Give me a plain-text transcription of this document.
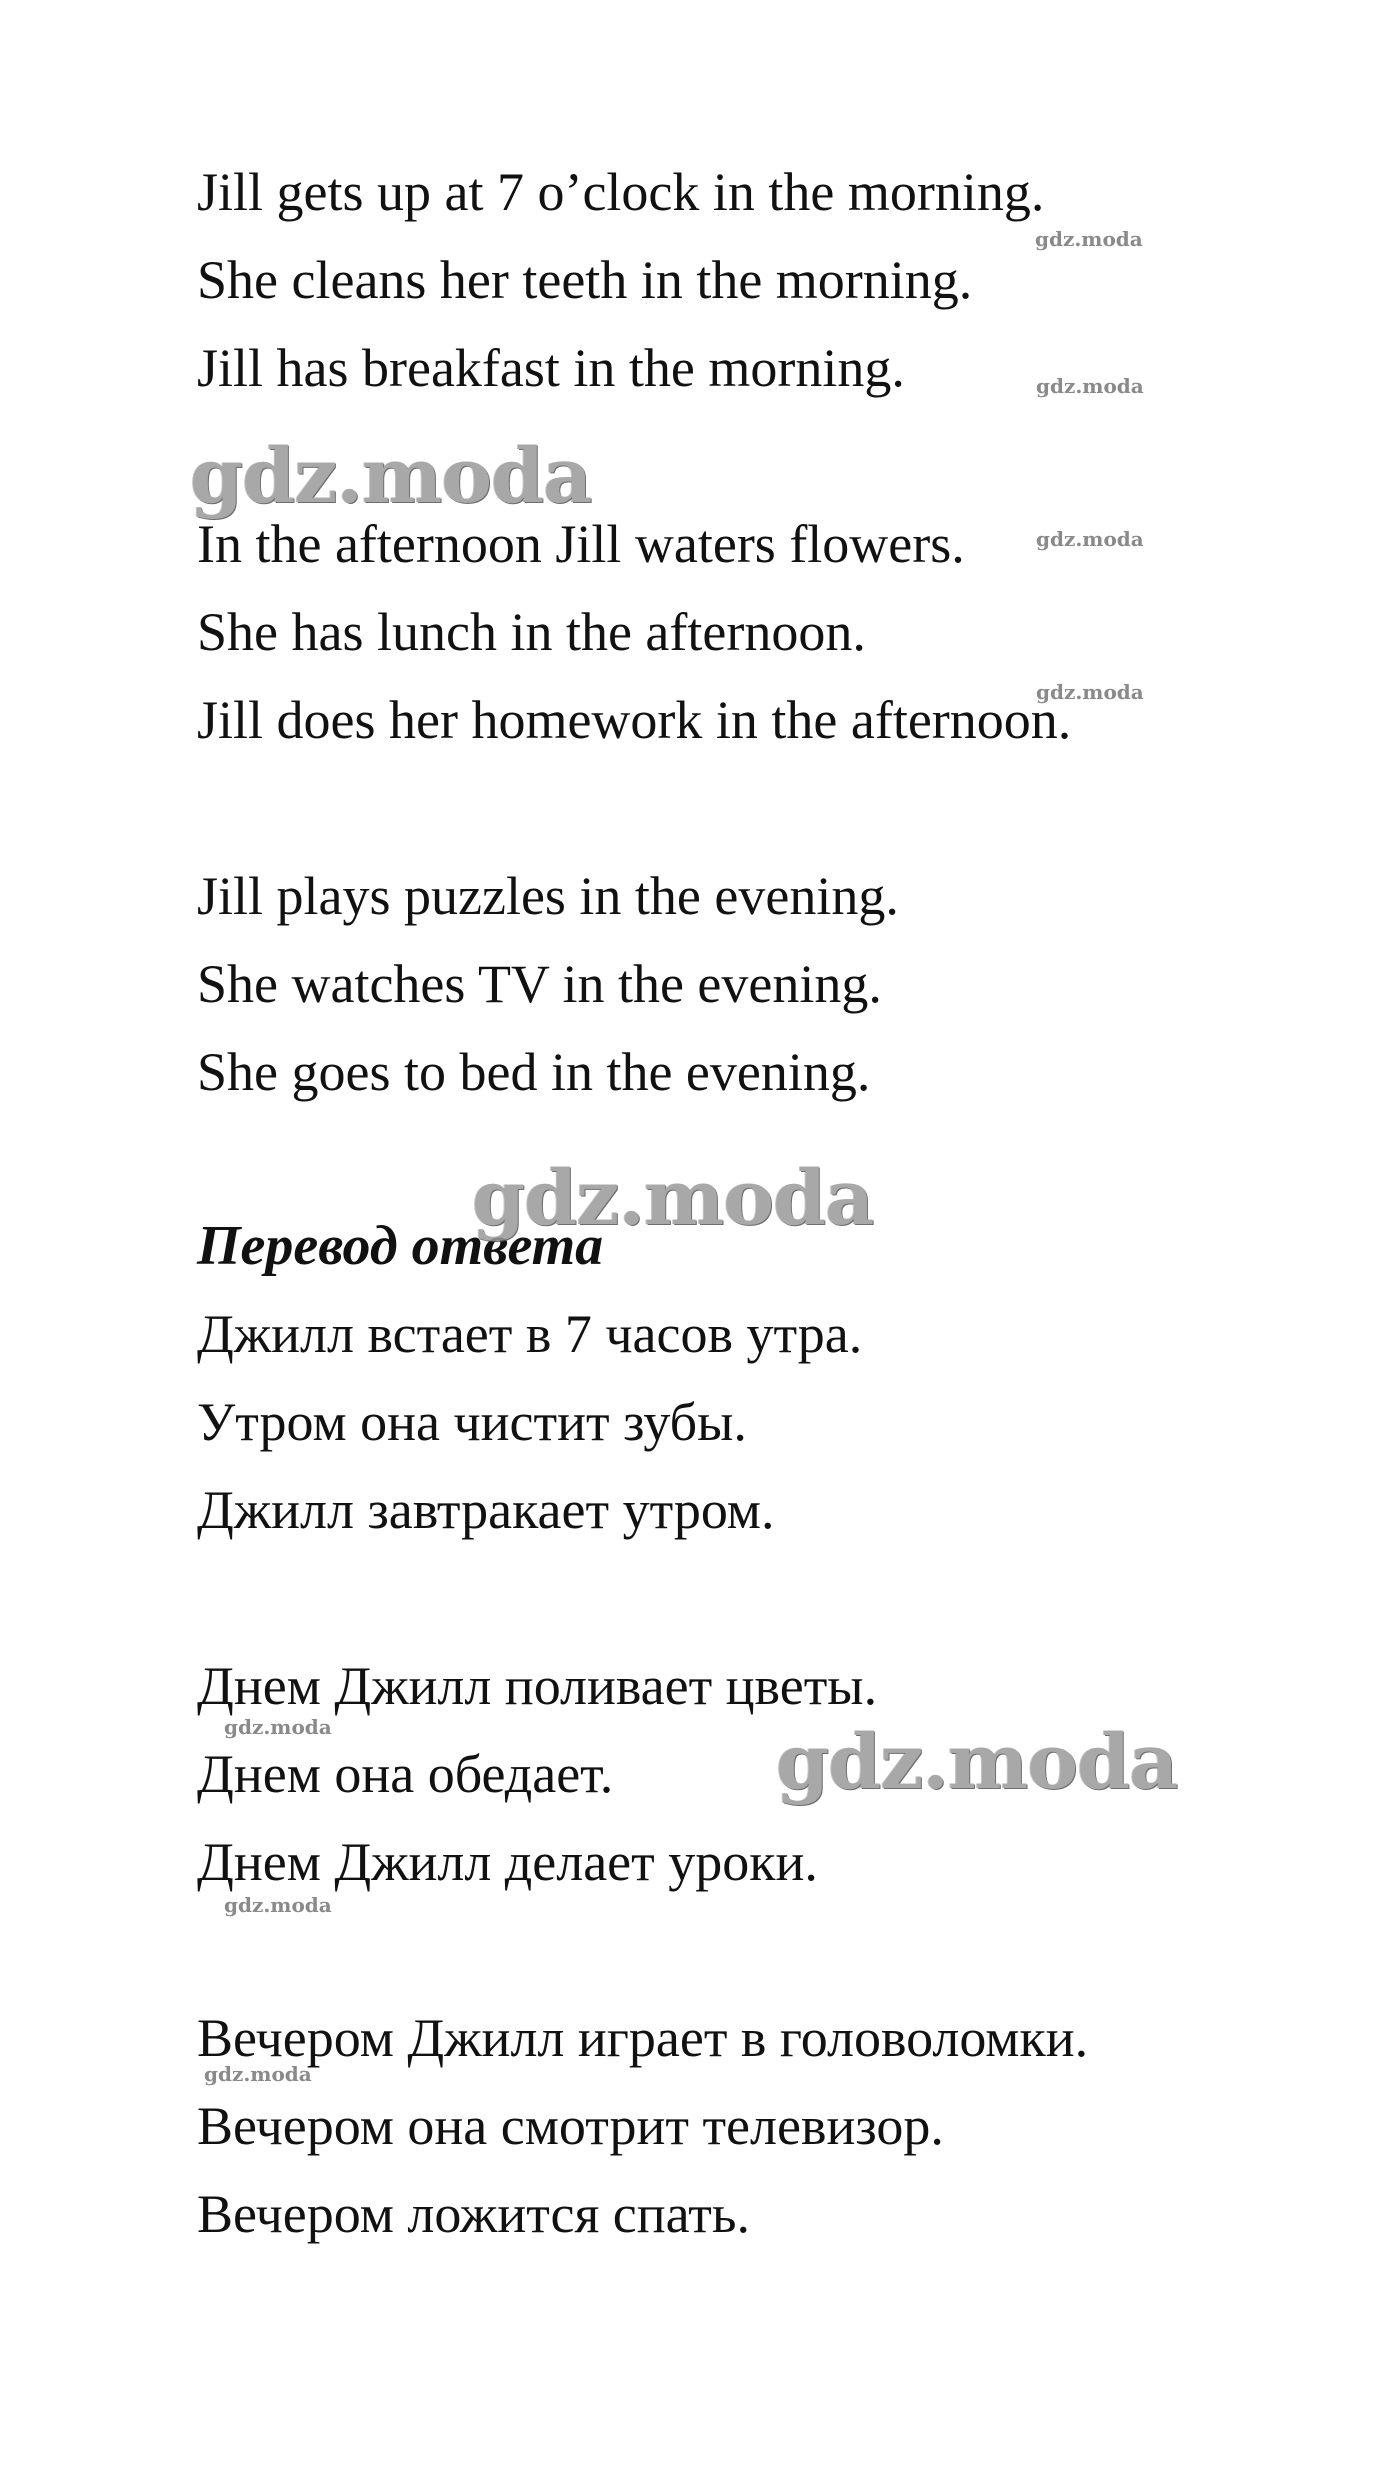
Jill gets up at 7 o’clock in the morning.
She cleans her teeth in the morning.
Jill has breakfast in the morning.
In the afternoon Jill waters flowers.
She has lunch in the afternoon.
Jill does her homework in the afternoon.
Jill plays puzzles in the evening.
She watches TV in the evening.
She goes to bed in the evening.
Перевод ответа
Джилл встает в 7 часов утра.
Утром она чистит зубы.
Джилл завтракает утром.
Днем Джилл поливает цветы.
Днем она обедает.
Днем Джилл делает уроки.
Вечером Джилл играет в головоломки.
Вечером она смотрит телевизор.
Вечером ложится спать.
gdz.moda
gdz.moda
gdz.moda
gdz.moda
gdz.moda
gdz.moda
gdz.moda	gdz.moda
gdz.moda
gdz.moda
